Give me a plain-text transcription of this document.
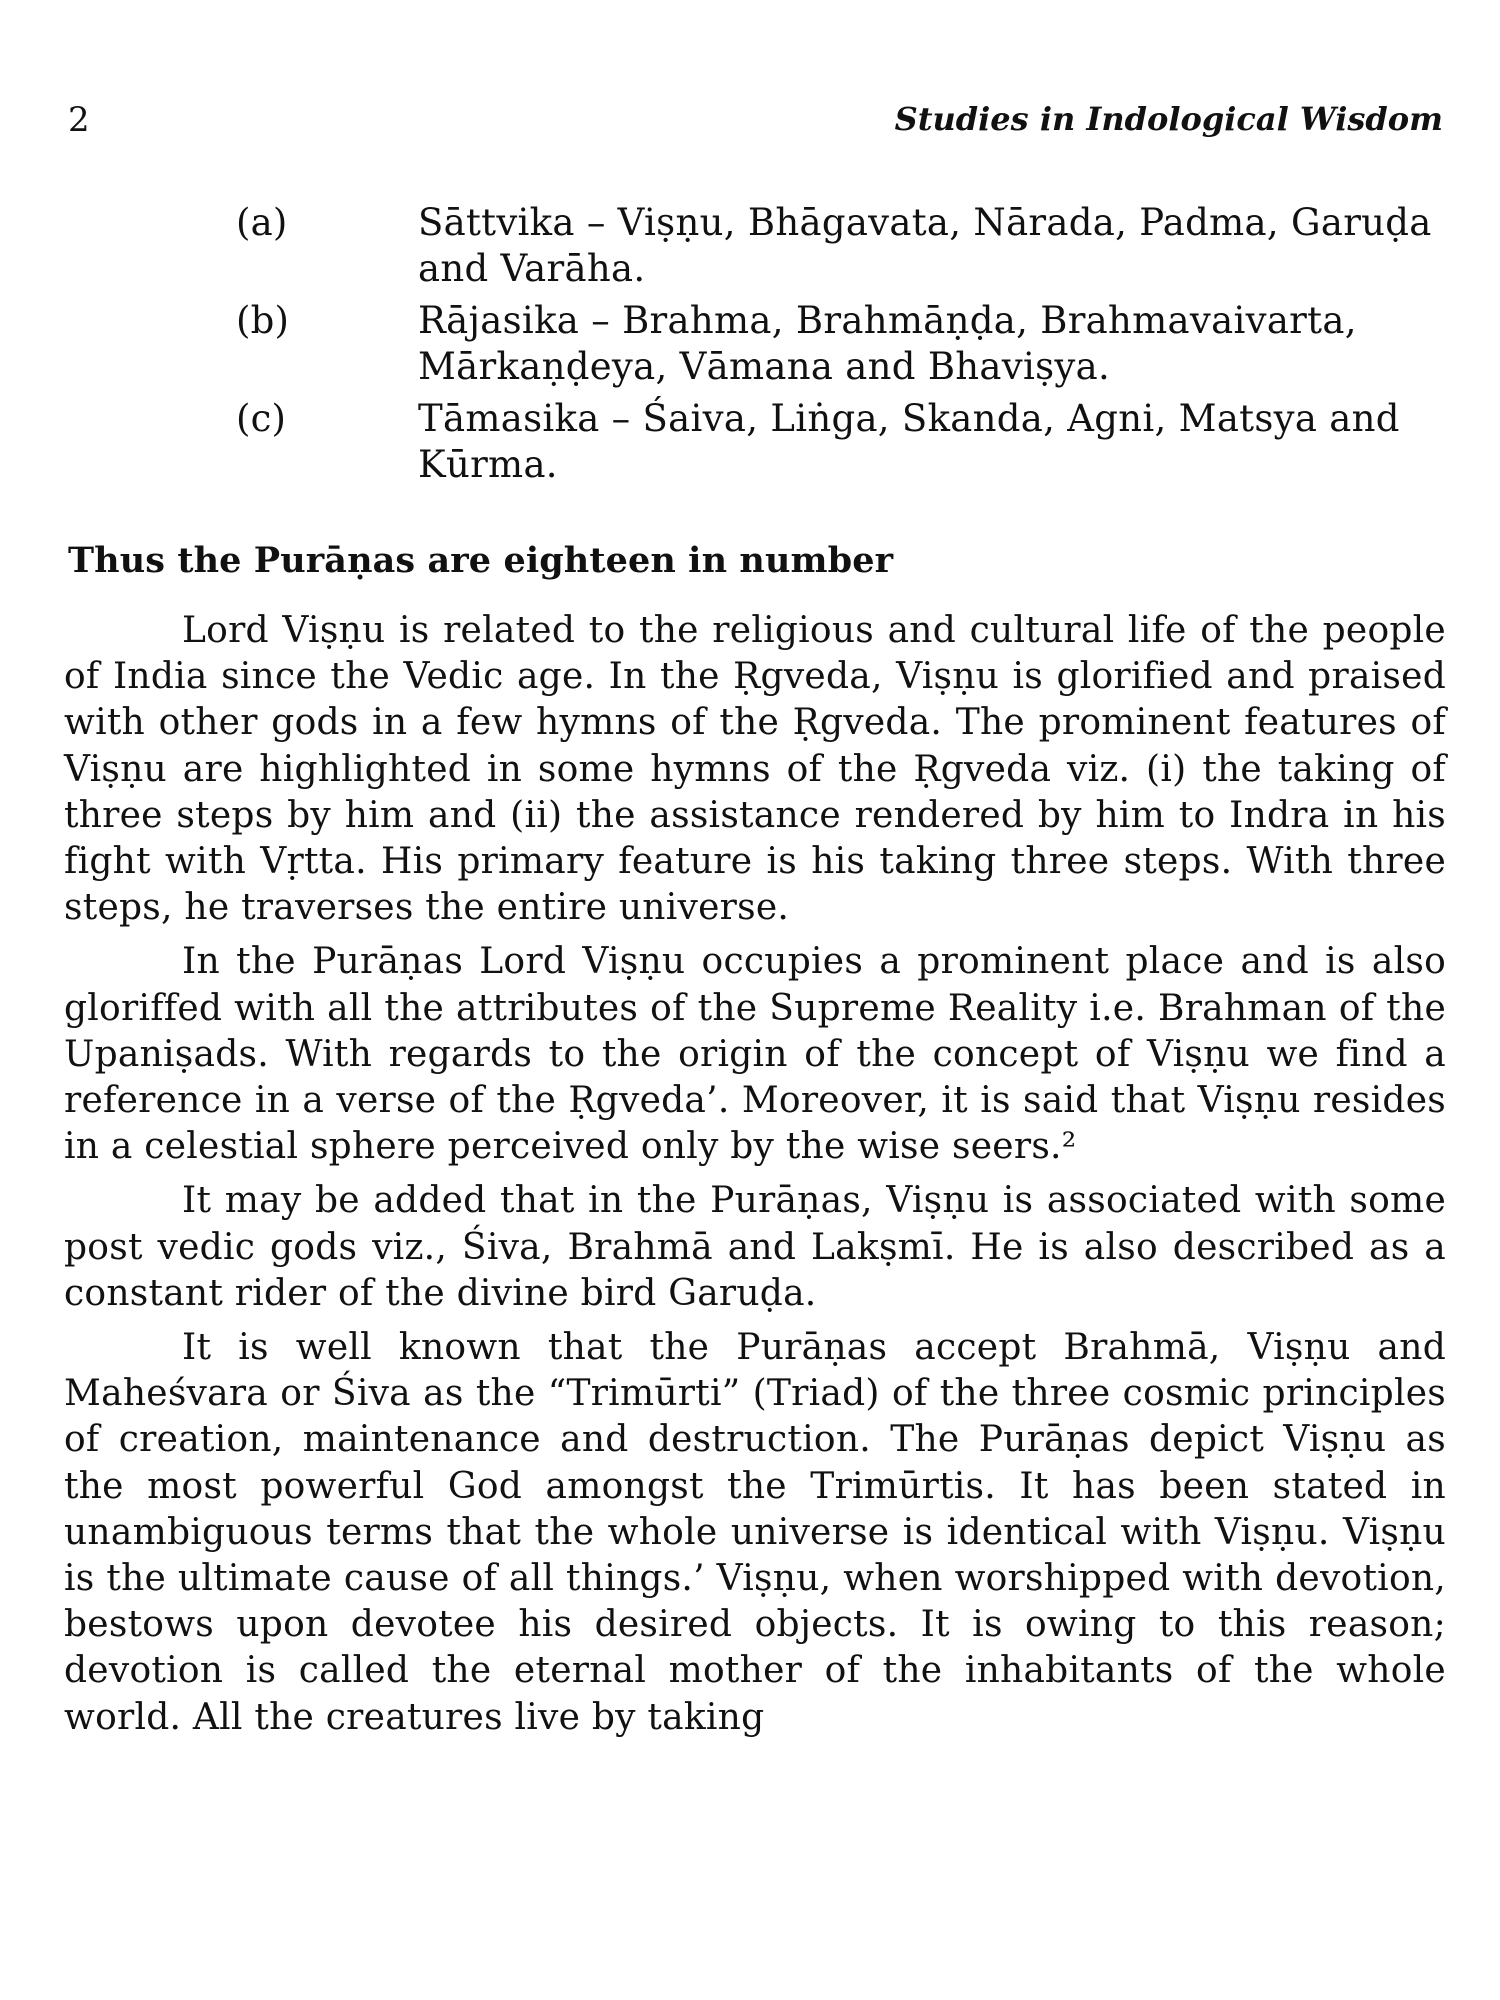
2	Studies in Indological Wisdom
(a)	Sāttvika – Viṣṇu, Bhāgavata, Nārada, Padma, Garuḍa and Varāha.
(b)	Rājasika – Brahma, Brahmāṇḍa, Brahmavaivarta, Mārkaṇḍeya, Vāmana and Bhaviṣya.
(c)	Tāmasika – Śaiva, Liṅga, Skanda, Agni, Matsya and Kūrma.
Thus the Purāṇas are eighteen in number

Lord Viṣṇu is related to the religious and cultural life of the people of India since the Vedic age. In the Ṛgveda, Viṣṇu is glorified and praised with other gods in a few hymns of the Ṛgveda. The prominent features of Viṣṇu are highlighted in some hymns of the Ṛgveda viz. (i) the taking of three steps by him and (ii) the assistance rendered by him to Indra in his fight with Vṛtta. His primary feature is his taking three steps. With three steps, he traverses the entire universe.

In the Purāṇas Lord Viṣṇu occupies a prominent place and is also gloriffed with all the attributes of the Supreme Reality i.e. Brahman of the Upaniṣads. With regards to the origin of the concept of Viṣṇu we find a reference in a verse of the Ṛgveda’. Moreover, it is said that Viṣṇu resides in a celestial sphere perceived only by the wise seers.²

It may be added that in the Purāṇas, Viṣṇu is associated with some post vedic gods viz., Śiva, Brahmā and Lakṣmī. He is also described as a constant rider of the divine bird Garuḍa.

It is well known that the Purāṇas accept Brahmā, Viṣṇu and Maheśvara or Śiva as the “Trimūrti” (Triad) of the three cosmic principles of creation, maintenance and destruction. The Purāṇas depict Viṣṇu as the most powerful God amongst the Trimūrtis. It has been stated in unambiguous terms that the whole universe is identical with Viṣṇu. Viṣṇu is the ultimate cause of all things.’ Viṣṇu, when worshipped with devotion, bestows upon devotee his desired objects. It is owing to this reason; devotion is called the eternal mother of the inhabitants of the whole world. All the creatures live by taking
